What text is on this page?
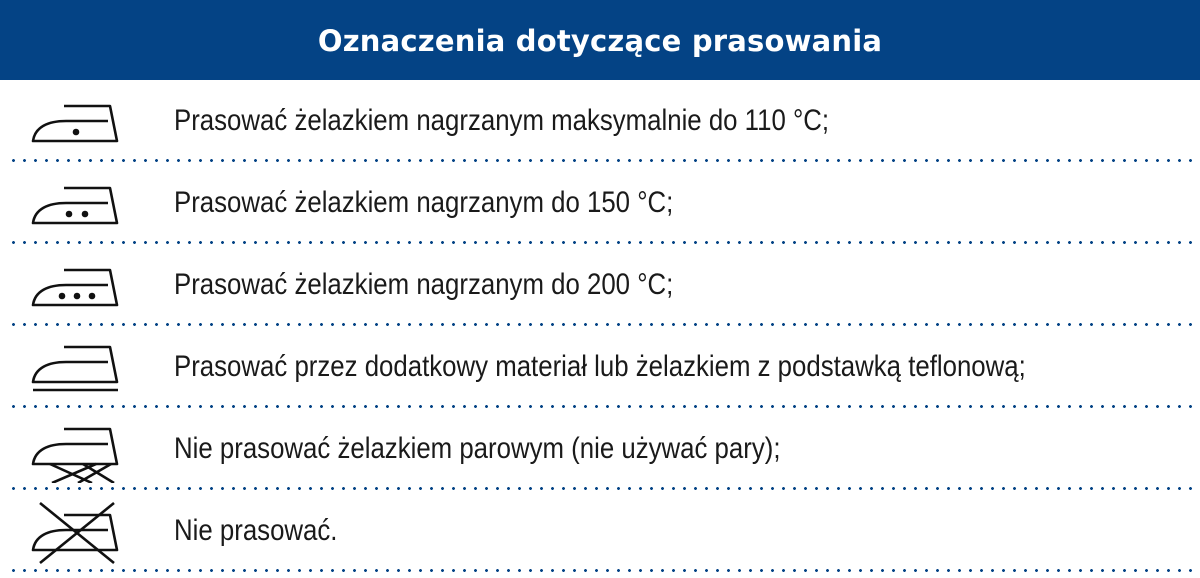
Oznaczenia dotyczące prasowania
Prasować żelazkiem nagrzanym maksymalnie do 110 °C;
Prasować żelazkiem nagrzanym do 150 °C;
Prasować żelazkiem nagrzanym do 200 °C;
Prasować przez dodatkowy materiał lub żelazkiem z podstawką teflonową;
Nie prasować żelazkiem parowym (nie używać pary);
Nie prasować.
